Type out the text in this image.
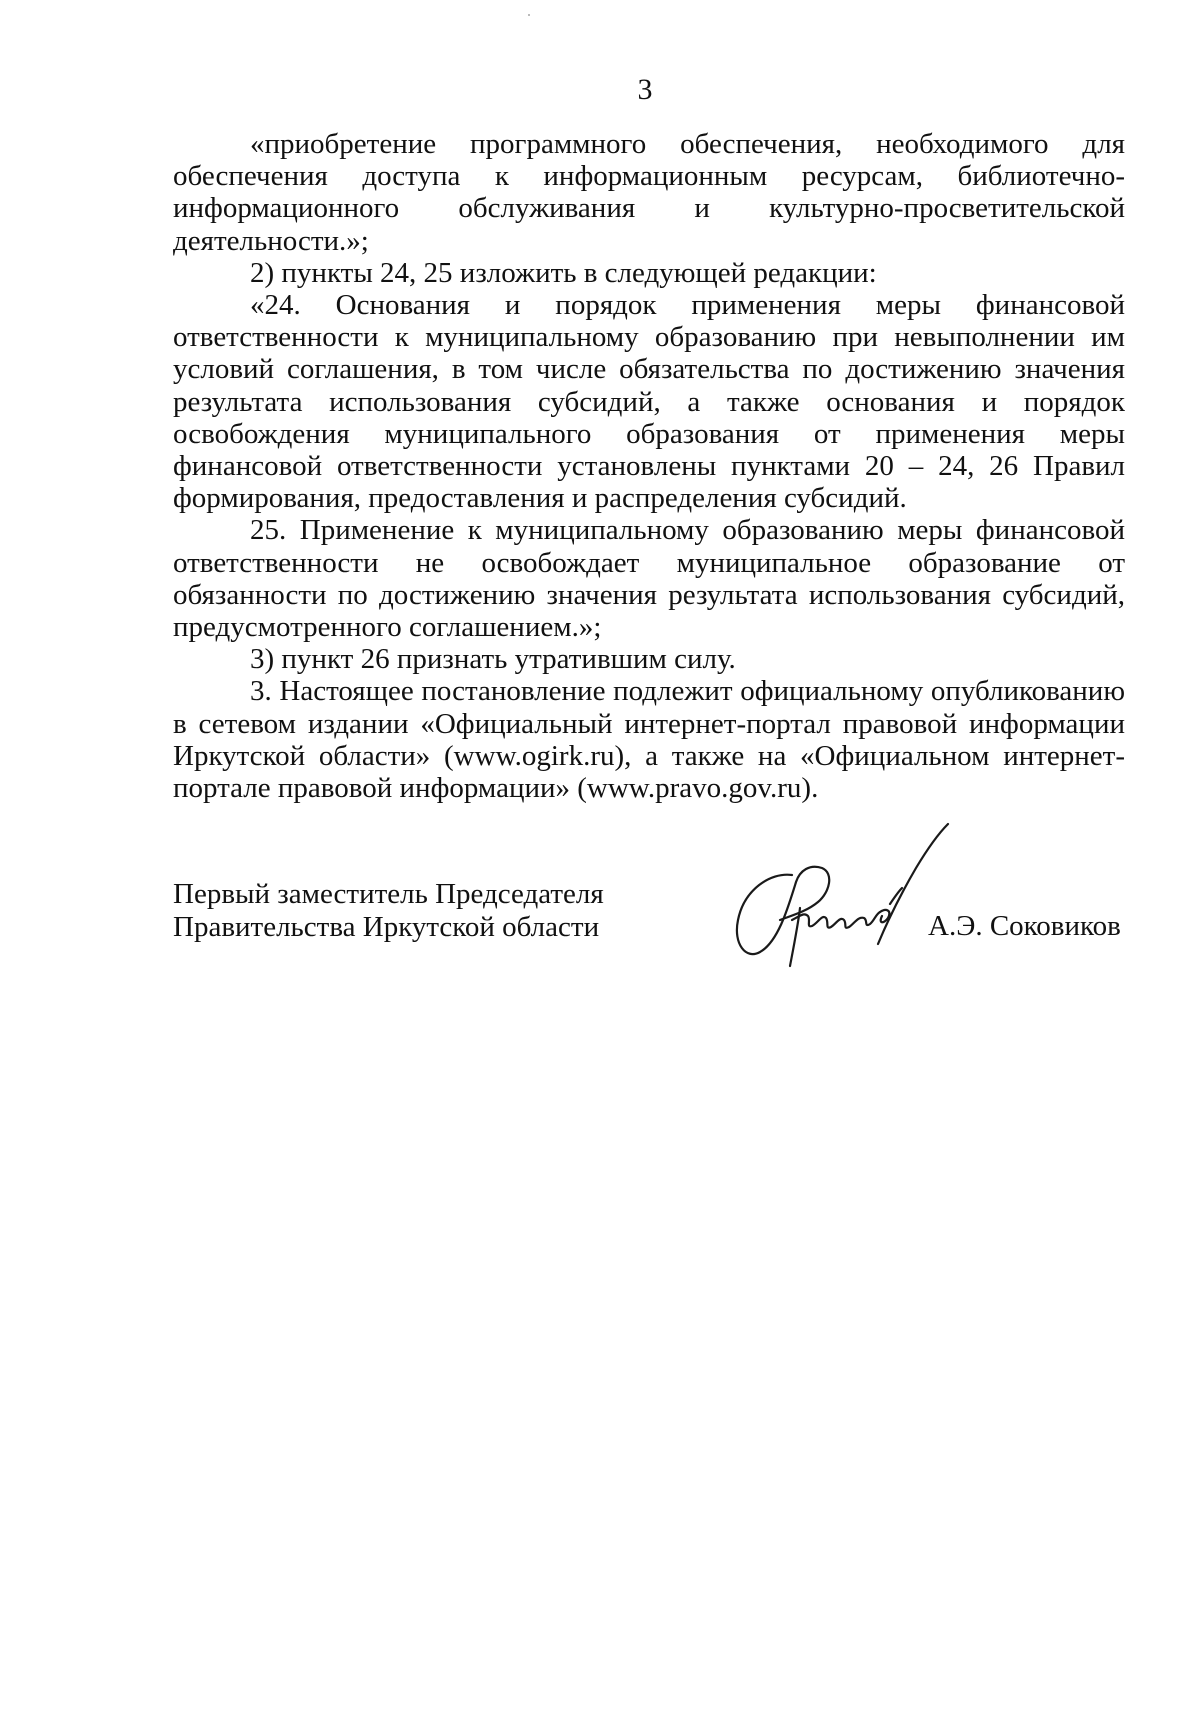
3

«приобретение программного обеспечения, необходимого для обеспечения доступа к информационным ресурсам, библиотечно-информационного обслуживания и культурно-просветительской деятельности.»;

2) пункты 24, 25 изложить в следующей редакции:

«24. Основания и порядок применения меры финансовой ответственности к муниципальному образованию при невыполнении им условий соглашения, в том числе обязательства по достижению значения результата использования субсидий, а также основания и порядок освобождения муниципального образования от применения меры финансовой ответственности установлены пунктами 20 – 24, 26 Правил формирования, предоставления и распределения субсидий.

25. Применение к муниципальному образованию меры финансовой ответственности не освобождает муниципальное образование от обязанности по достижению значения результата использования субсидий, предусмотренного соглашением.»;

3) пункт 26 признать утратившим силу.

3. Настоящее постановление подлежит официальному опубликованию в сетевом издании «Официальный интернет-портал правовой информации Иркутской области» (www.ogirk.ru), а также на «Официальном интернет-портале правовой информации» (www.pravo.gov.ru).

Первый заместитель Председателя
Правительства Иркутской области	А.Э. Соковиков
